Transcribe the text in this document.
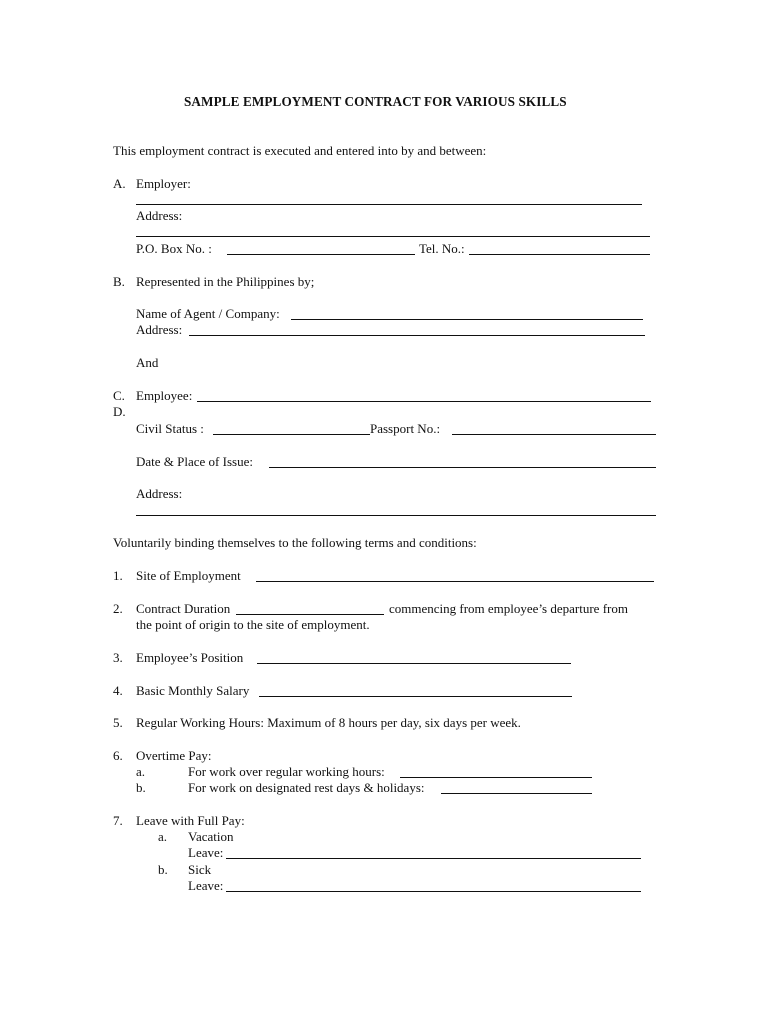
SAMPLE EMPLOYMENT CONTRACT FOR VARIOUS SKILLS
This employment contract is executed and entered into by and between:
A. Employer:
Address:
P.O. Box No. :	Tel. No.:
B. Represented in the Philippines by;
Name of Agent / Company:
Address:
And
C. Employee:
D.
Civil Status :	Passport No.:
Date & Place of Issue:
Address:
Voluntarily binding themselves to the following terms and conditions:
1. Site of Employment
2. Contract Duration	commencing from employee’s departure from
the point of origin to the site of employment.
3. Employee’s Position
4. Basic Monthly Salary
5. Regular Working Hours: Maximum of 8 hours per day, six days per week.
6. Overtime Pay:
a.	For work over regular working hours:
b.	For work on designated rest days & holidays:
7. Leave with Full Pay:
a. Vacation
Leave:
b. Sick
Leave:
